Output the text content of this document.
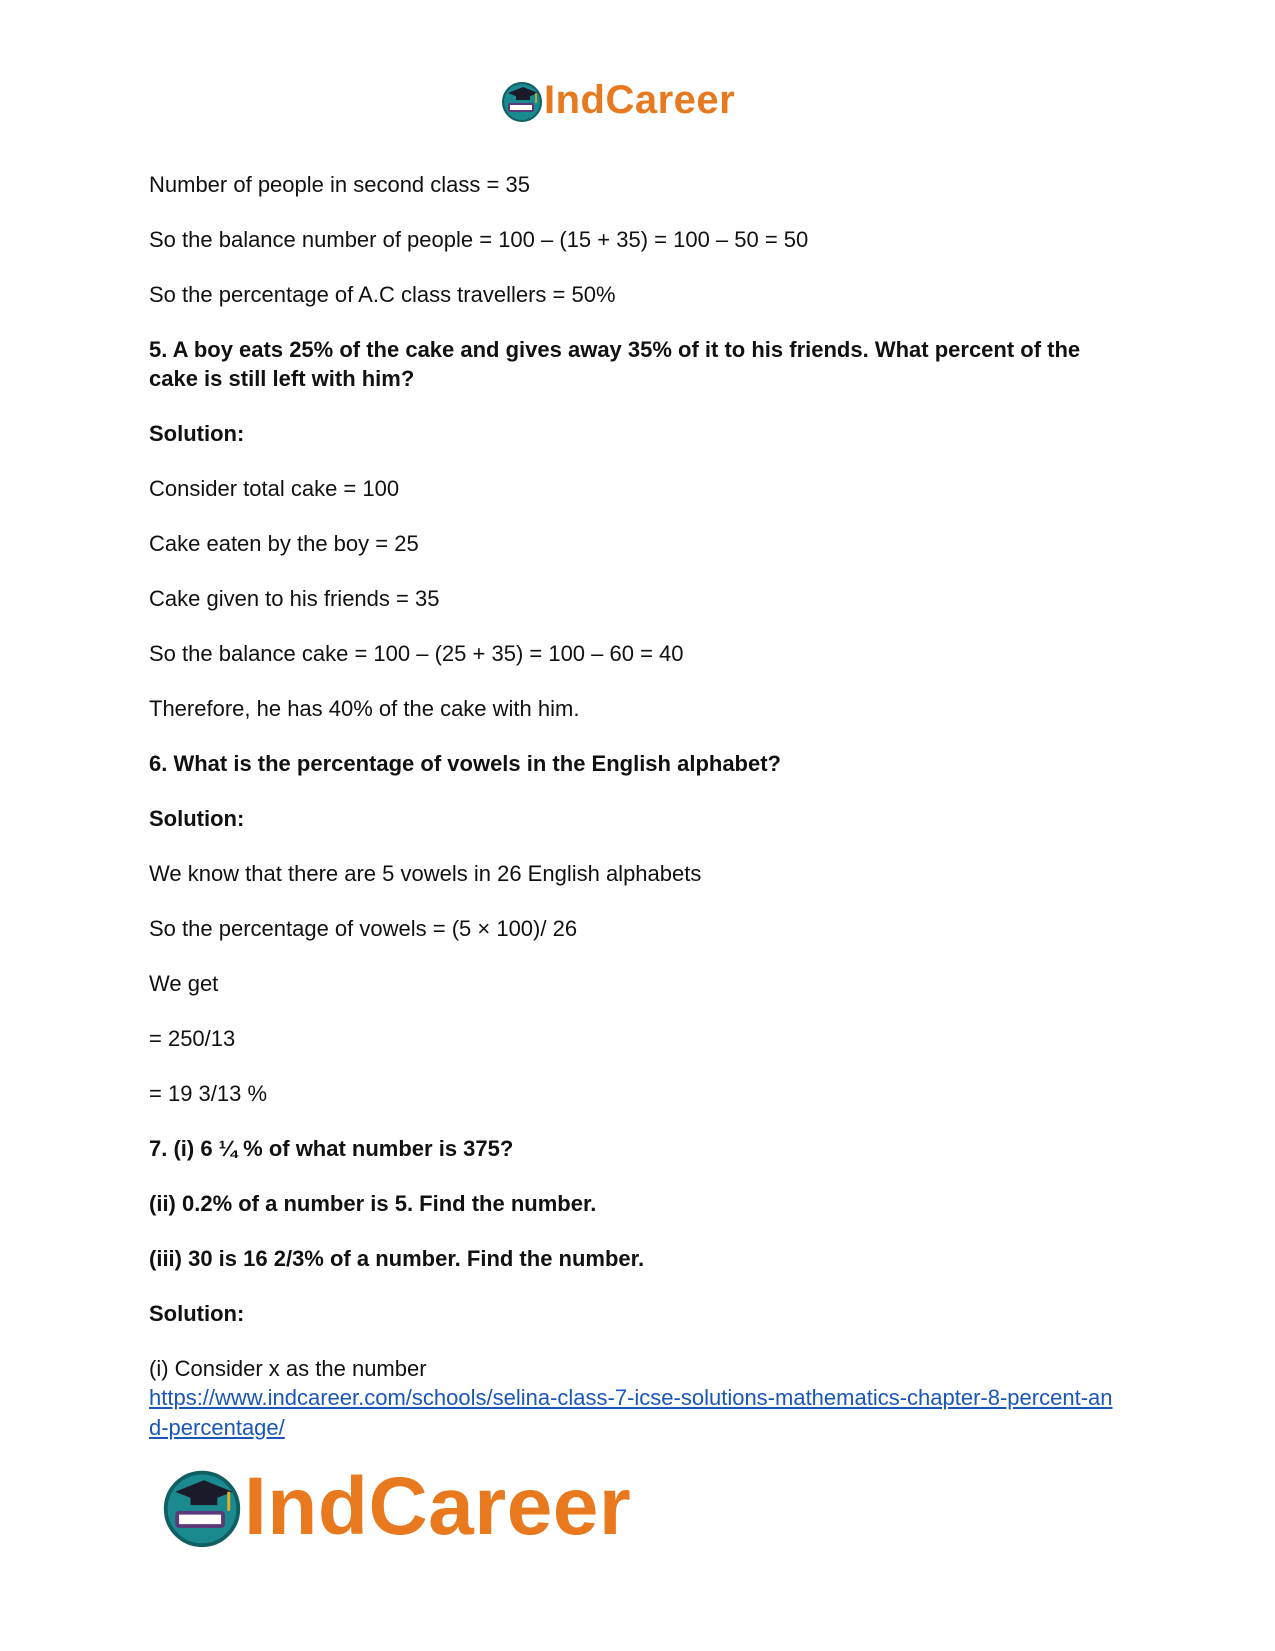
IndCareer

Number of people in second class = 35

So the balance number of people = 100 – (15 + 35) = 100 – 50 = 50

So the percentage of A.C class travellers = 50%

5. A boy eats 25% of the cake and gives away 35% of it to his friends. What percent of the cake is still left with him?

Solution:

Consider total cake = 100

Cake eaten by the boy = 25

Cake given to his friends = 35

So the balance cake = 100 – (25 + 35) = 100 – 60 = 40

Therefore, he has 40% of the cake with him.

6. What is the percentage of vowels in the English alphabet?

Solution:

We know that there are 5 vowels in 26 English alphabets

So the percentage of vowels = (5 × 100)/ 26

We get

= 250/13

= 19 3/13 %

7. (i) 6 ¼ % of what number is 375?

(ii) 0.2% of a number is 5. Find the number.

(iii) 30 is 16 2/3% of a number. Find the number.

Solution:

(i) Consider x as the number

https://www.indcareer.com/schools/selina-class-7-icse-solutions-mathematics-chapter-8-percent-and-percentage/
IndCareer
